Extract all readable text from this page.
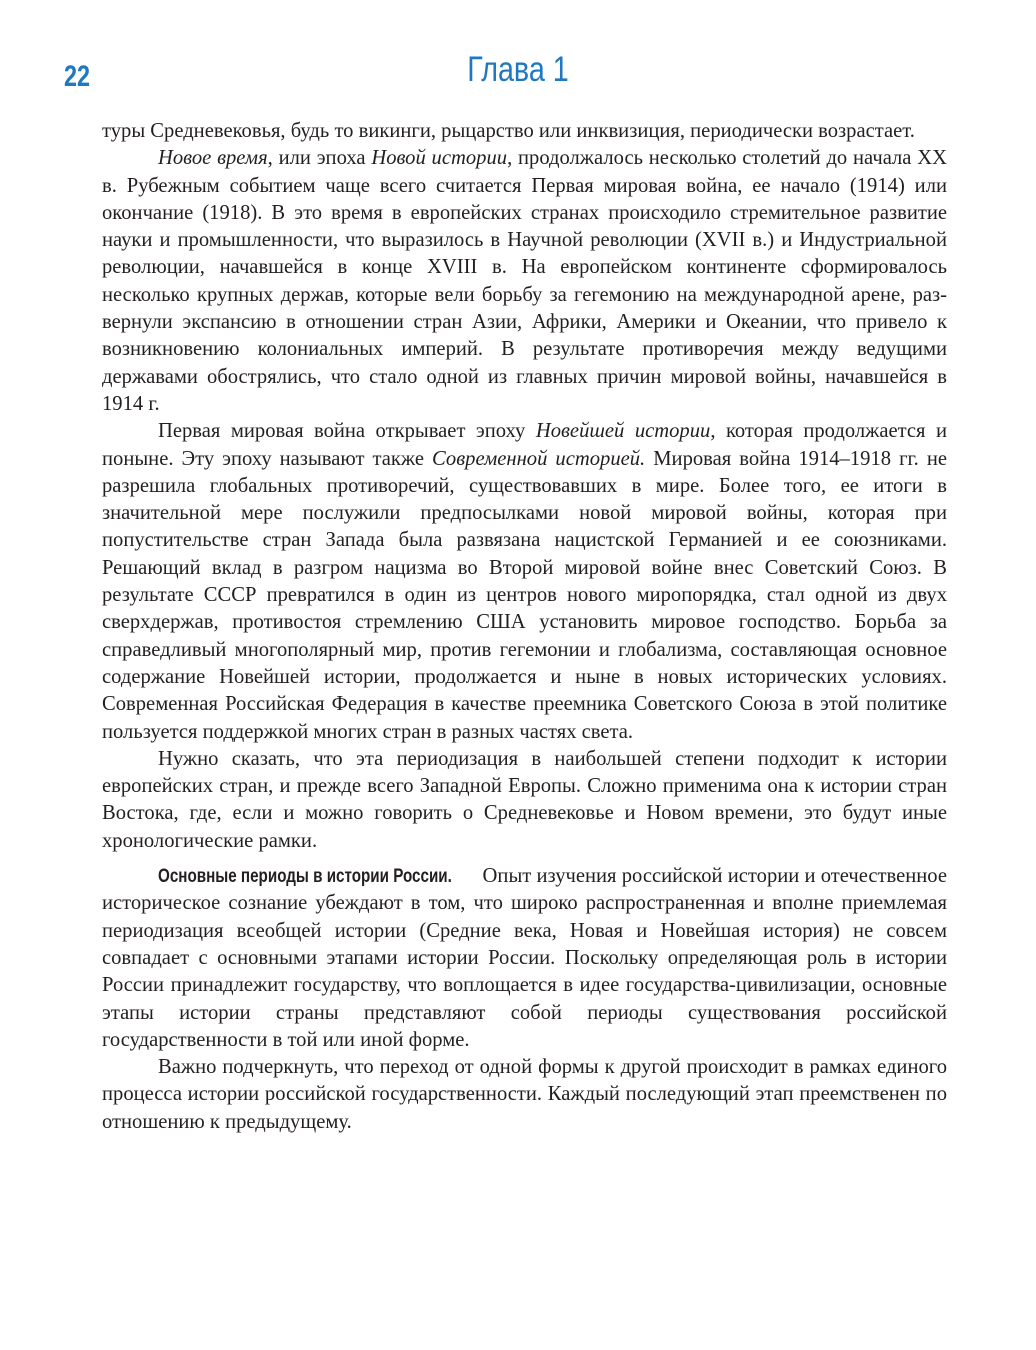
22	Глава 1

туры Средневековья, будь то викинги, рыцарство или инквизиция, периодически возрастает.

Новое время, или эпоха Новой истории, продолжалось несколько столетий до начала XX в. Рубежным событием чаще всего считается Первая мировая война, ее начало (1914) или окончание (1918). В это время в европейских странах происходило стремительное развитие науки и промышленности, что выразилось в Научной революции (XVII в.) и Индустриальной революции, начавшейся в конце XVIII в. На европейском континенте сформировалось несколько крупных держав, которые вели борьбу за гегемонию на международной арене, развернули экспансию в отношении стран Азии, Африки, Америки и Океании, что привело к возникновению колониальных империй. В результате противоречия между ведущими державами обострялись, что стало одной из главных причин мировой войны, начавшейся в 1914 г.

Первая мировая война открывает эпоху Новейшей истории, которая продолжается и поныне. Эту эпоху называют также Современной историей. Мировая война 1914–1918 гг. не разрешила глобальных противоречий, существовавших в мире. Более того, ее итоги в значительной мере послужили предпосылками новой мировой войны, которая при попустительстве стран Запада была развязана нацистской Германией и ее союзниками. Решающий вклад в разгром нацизма во Второй мировой войне внес Советский Союз. В результате СССР превратился в один из центров нового миропорядка, стал одной из двух сверхдержав, противостоя стремлению США установить мировое господство. Борьба за справедливый многополярный мир, против гегемонии и глобализма, составляющая основное содержание Новейшей истории, продолжается и ныне в новых исторических условиях. Современная Российская Федерация в качестве преемника Советского Союза в этой политике пользуется поддержкой многих стран в разных частях света.

Нужно сказать, что эта периодизация в наибольшей степени подходит к истории европейских стран, и прежде всего Западной Европы. Сложно применима она к истории стран Востока, где, если и можно говорить о Средневековье и Новом времени, это будут иные хронологические рамки.

Основные периоды в истории России. Опыт изучения российской истории и отечественное историческое сознание убеждают в том, что широко распространенная и вполне приемлемая периодизация всеобщей истории (Средние века, Новая и Новейшая история) не совсем совпадает с основными этапами истории России. Поскольку определяющая роль в истории России принадлежит государству, что воплощается в идее государства-цивилизации, основные этапы истории страны представляют собой периоды существования российской государственности в той или иной форме.

Важно подчеркнуть, что переход от одной формы к другой происходит в рамках единого процесса истории российской государственности. Каждый последующий этап преемственен по отношению к предыдущему.
